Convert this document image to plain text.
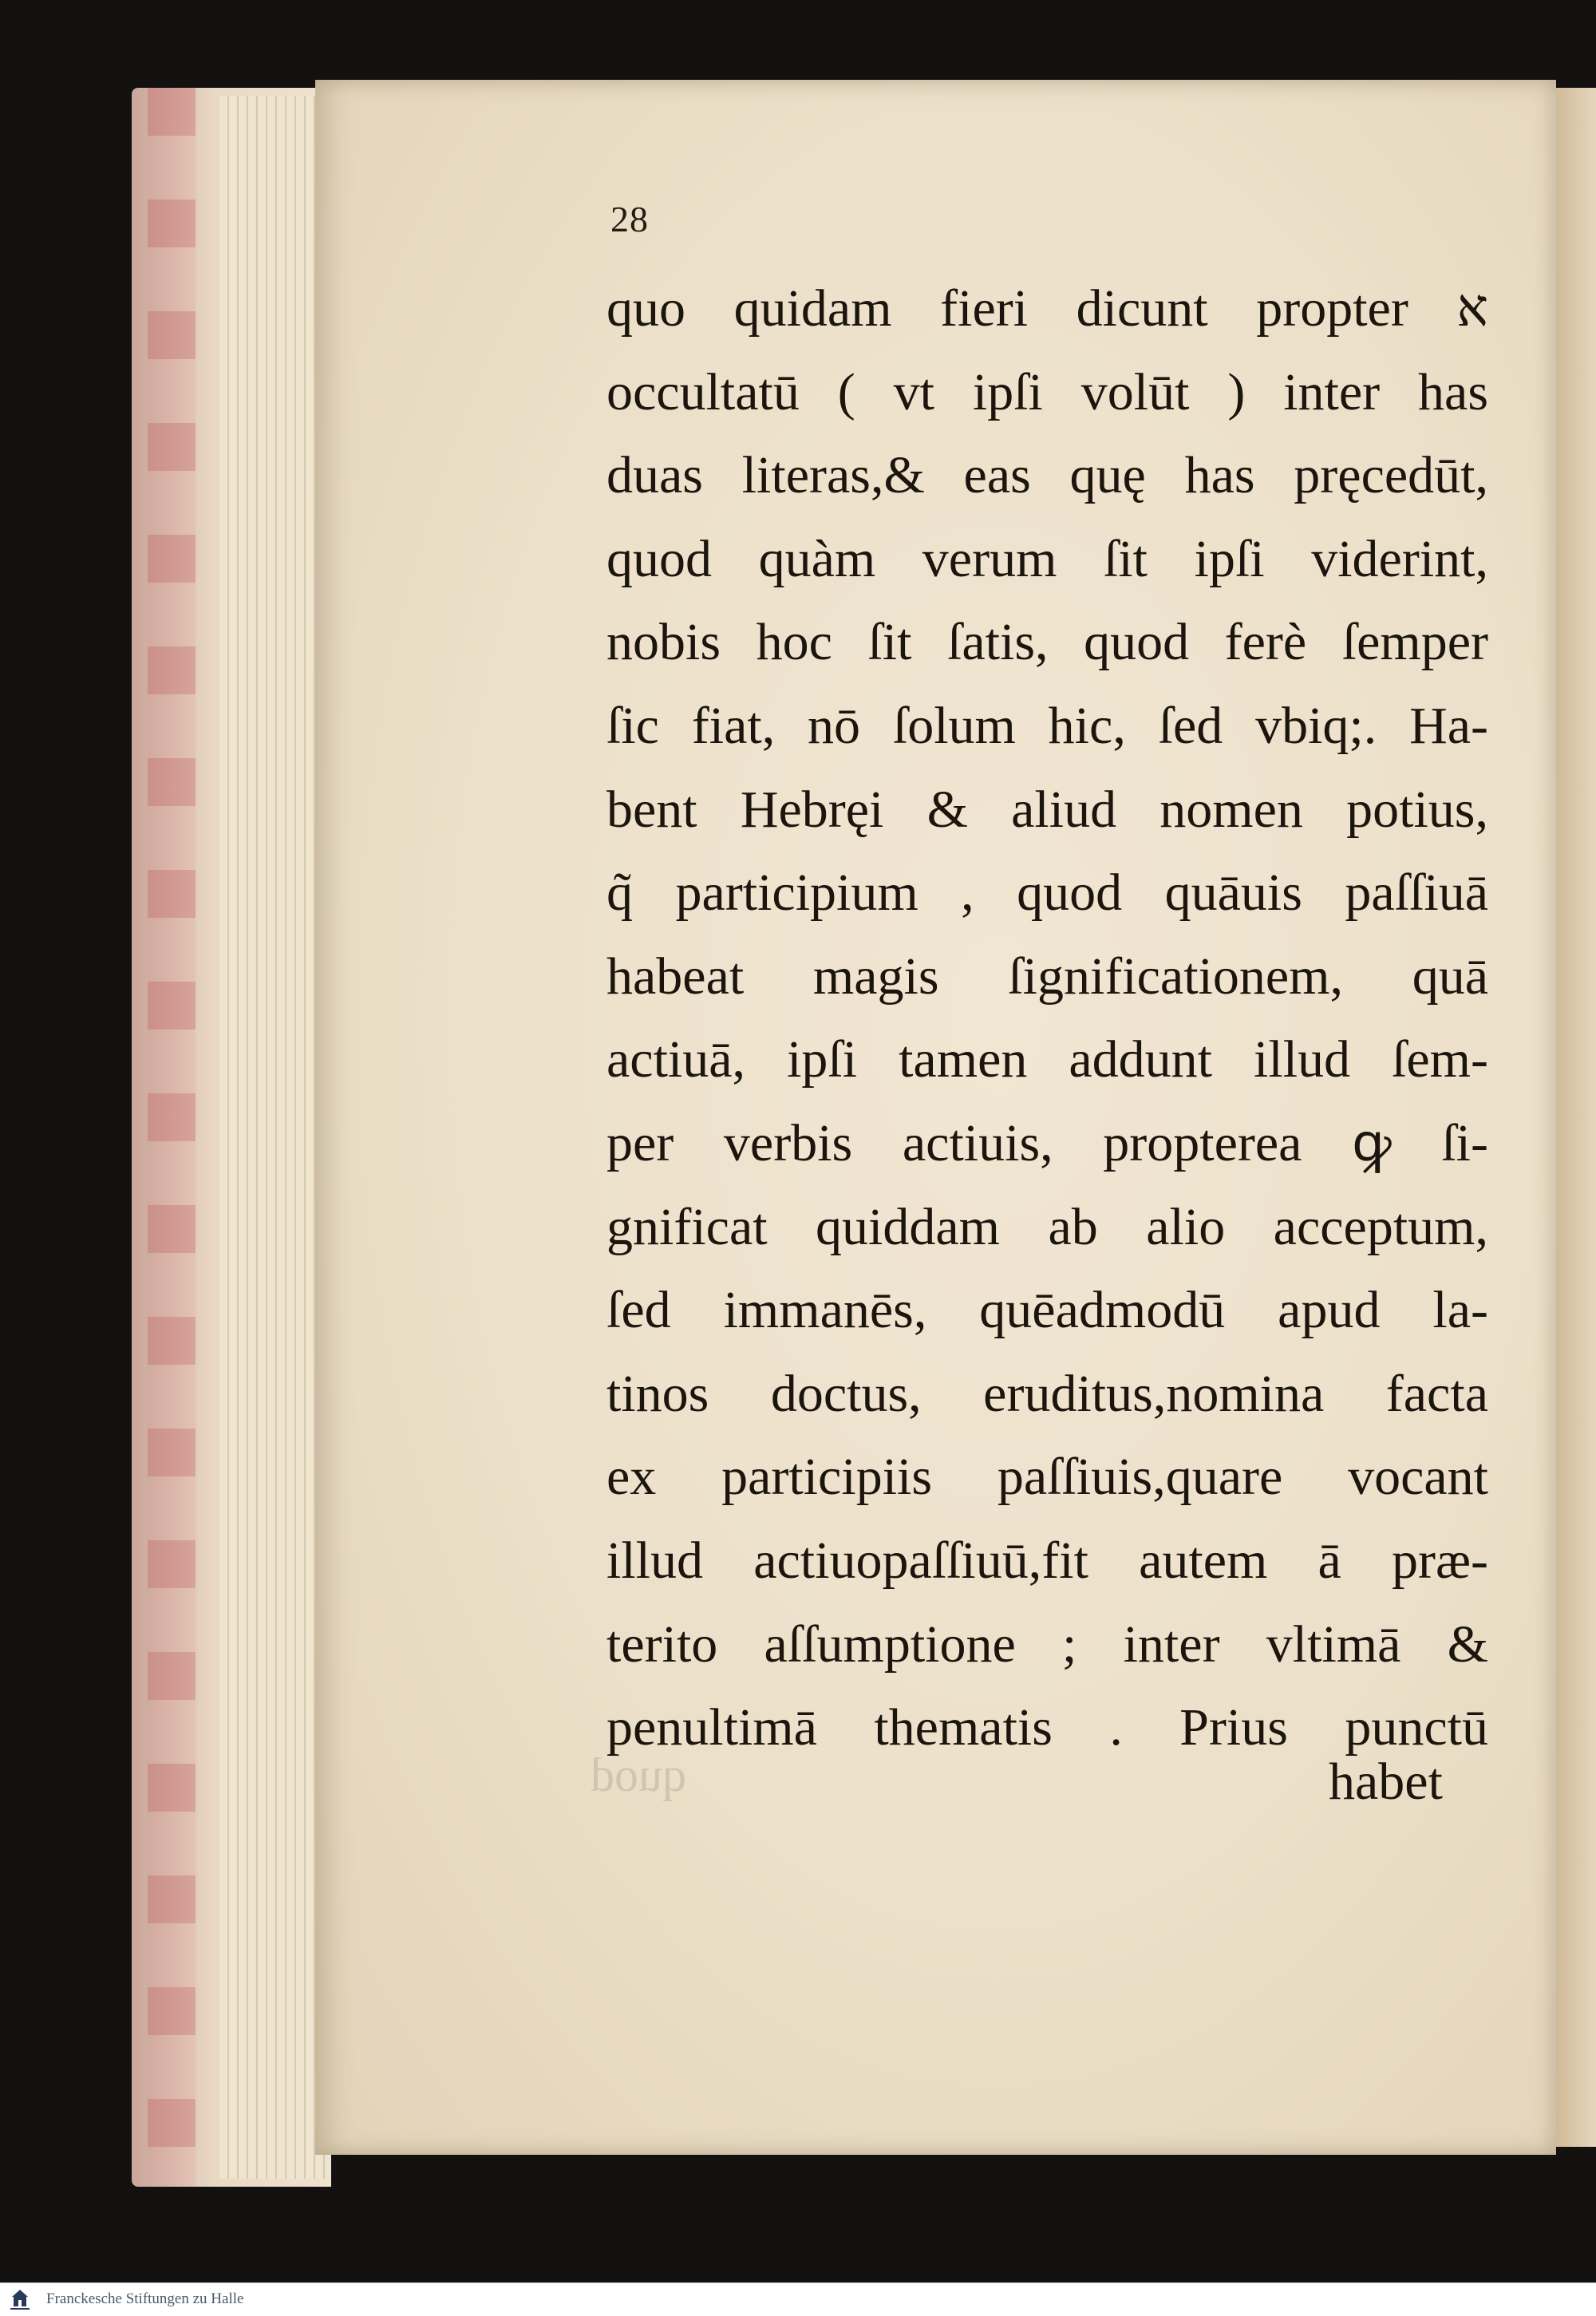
28
quod
quo quidam fieri dicunt propter א
occultatū ( vt ipſi volūt ) inter has
duas literas,& eas quę has pręcedūt,
quod quàm verum ſit ipſi viderint,
nobis hoc ſit ſatis, quod ferè ſemper
ſic fiat, nō ſolum hic, ſed vbiq;. Ha-
bent Hebręi & aliud nomen potius,
q̃ participium , quod quāuis paſſiuā
habeat magis ſignificationem, quā
actiuā, ipſi tamen addunt illud ſem-
per verbis actiuis, propterea ꝙ ſi-
gnificat quiddam ab alio acceptum,
ſed immanēs, quēadmodū apud la-
tinos doctus, eruditus,nomina facta
ex participiis paſſiuis,quare vocant
illud actiuopaſſiuū,fit autem ā præ-
terito aſſumptione ; inter vltimā &
penultimā thematis . Prius punctū
habet
Franckesche Stiftungen zu Halle
